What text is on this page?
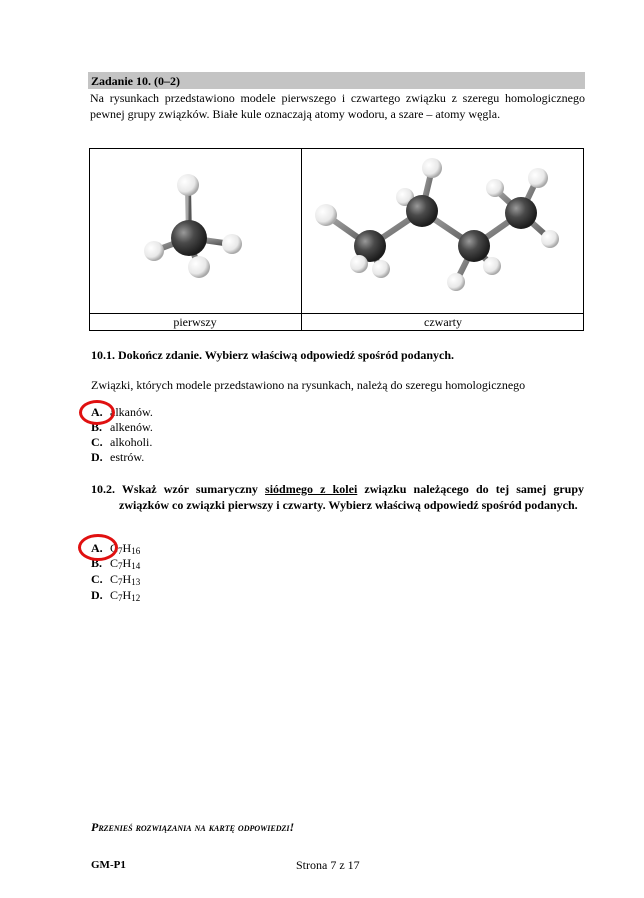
Zadanie 10. (0–2)
Na rysunkach przedstawiono modele pierwszego i czwartego związku z szeregu homologicznego pewnej grupy związków. Białe kule oznaczają atomy wodoru, a szare – atomy węgla.
pierwszy	czwarty
10.1. Dokończ zdanie. Wybierz właściwą odpowiedź spośród podanych.
Związki, których modele przedstawiono na rysunkach, należą do szeregu homologicznego
A. alkanów.
B. alkenów.
C. alkoholi.
D. estrów.
10.2. Wskaż wzór sumaryczny siódmego z kolei związku należącego do tej samej grupy związków co związki pierwszy i czwarty. Wybierz właściwą odpowiedź spośród podanych.
A. $C_7H_{16}$
B. $C_7H_{14}$
C. $C_7H_{13}$
D. $C_7H_{12}$
Przenieś rozwiązania na kartę odpowiedzi!
GM-P1	Strona 7 z 17
